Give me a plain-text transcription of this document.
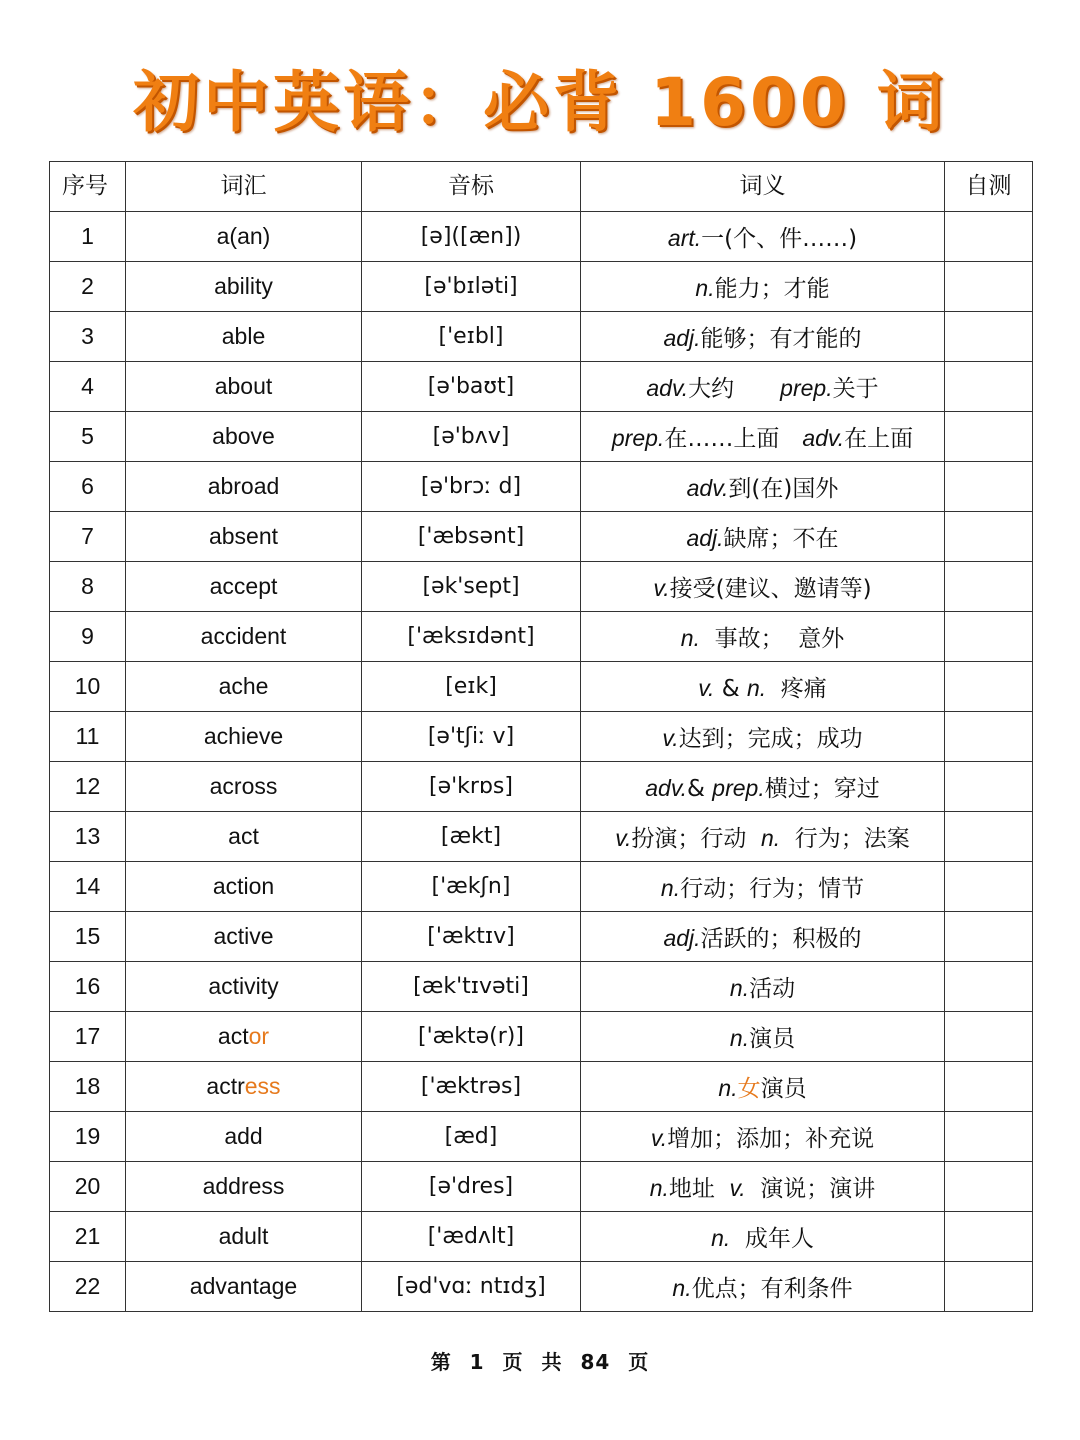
初中英语：必背 1600 词
序号	词汇	音标	词义	自测
1	a(an)	[ə]([æn])	art.一(个、件……)	
2	ability	[ə'bɪləti]	n.能力；才能	
3	able	['eɪbl]	adj.能够；有才能的	
4	about	[ə'baʊt]	adv.大约　　prep.关于	
5	above	[ə'bʌv]	prep.在……上面　adv.在上面	
6	abroad	[ə'brɔː d]	adv.到(在)国外	
7	absent	['æbsənt]	adj.缺席；不在	
8	accept	[ək'sept]	v.接受(建议、邀请等)	
9	accident	['æksɪdənt]	n.  事故；  意外	
10	ache	[eɪk]	v. & n.  疼痛	
11	achieve	[ə'tʃiː v]	v.达到；完成；成功	
12	across	[ə'krɒs]	adv.& prep.横过；穿过	
13	act	[ækt]	v.扮演；行动  n.  行为；法案	
14	action	['ækʃn]	n.行动；行为；情节	
15	active	['æktɪv]	adj.活跃的；积极的	
16	activity	[æk'tɪvəti]	n.活动	
17	actor	['æktə(r)]	n.演员	
18	actress	['æktrəs]	n.女演员	
19	add	[æd]	v.增加；添加；补充说	
20	address	[ə'dres]	n.地址  v.  演说；演讲	
21	adult	['ædʌlt]	n.  成年人	
22	advantage	[əd'vɑː ntɪdʒ]	n.优点；有利条件	
第 1 页 共 84 页
